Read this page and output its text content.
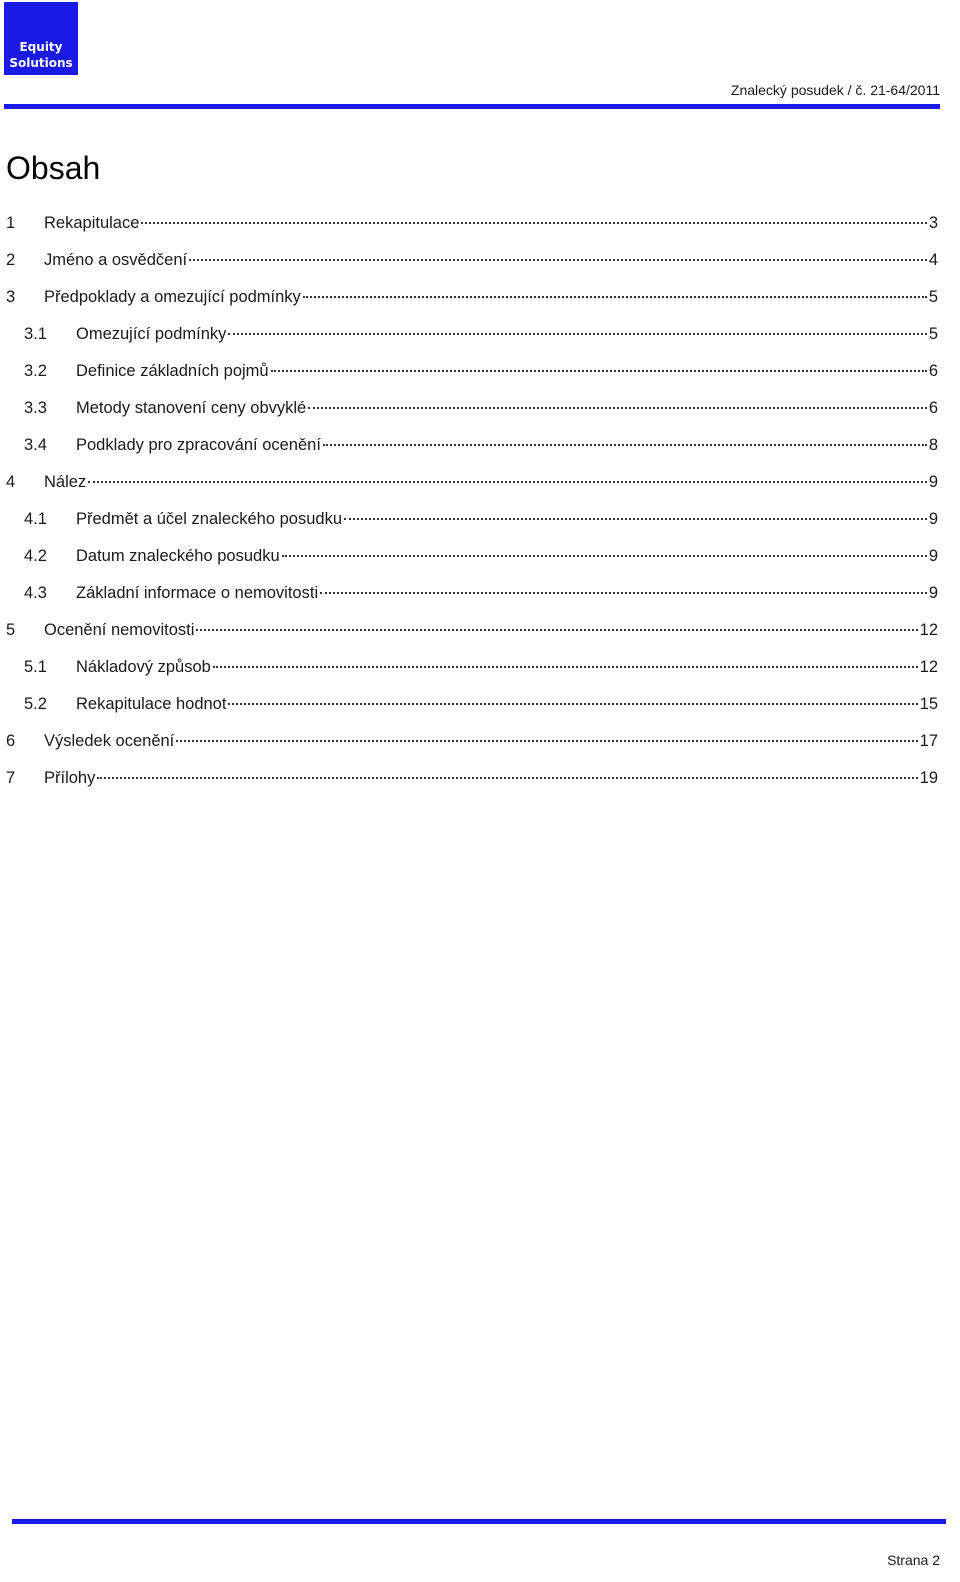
Equity
Solutions
Znalecký posudek / č. 21-64/2011
Obsah
1	Rekapitulace	3
2	Jméno a osvědčení	4
3	Předpoklady a omezující podmínky	5
3.1	Omezující podmínky	5
3.2	Definice základních pojmů	6
3.3	Metody stanovení ceny obvyklé	6
3.4	Podklady pro zpracování ocenění	8
4	Nález	9
4.1	Předmět a účel znaleckého posudku	9
4.2	Datum znaleckého posudku	9
4.3	Základní informace o nemovitosti	9
5	Ocenění nemovitosti	12
5.1	Nákladový způsob	12
5.2	Rekapitulace hodnot	15
6	Výsledek ocenění	17
7	Přílohy	19
Strana 2
